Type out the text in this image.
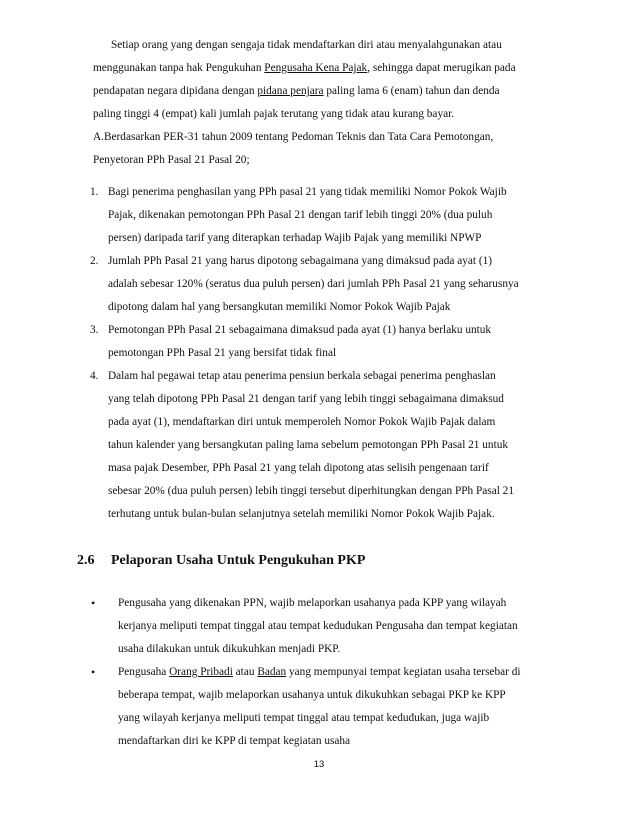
Setiap orang yang dengan sengaja tidak mendaftarkan diri atau menyalahgunakan atau
menggunakan tanpa hak Pengukuhan Pengusaha Kena Pajak, sehingga dapat merugikan pada
pendapatan negara dipidana dengan pidana penjara paling lama 6 (enam) tahun dan denda
paling tinggi 4 (empat) kali jumlah pajak terutang yang tidak atau kurang bayar.
A.Berdasarkan PER-31 tahun 2009 tentang Pedoman Teknis dan Tata Cara Pemotongan,
Penyetoran PPh Pasal 21 Pasal 20;
1. Bagi penerima penghasilan yang PPh pasal 21 yang tidak memiliki Nomor Pokok Wajib
Pajak, dikenakan pemotongan PPh Pasal 21 dengan tarif lebih tinggi 20% (dua puluh
persen) daripada tarif yang diterapkan terhadap Wajib Pajak yang memiliki NPWP
2. Jumlah PPh Pasal 21 yang harus dipotong sebagaimana yang dimaksud pada ayat (1)
adalah sebesar 120% (seratus dua puluh persen) dari jumlah PPh Pasal 21 yang seharusnya
dipotong dalam hal yang bersangkutan memiliki Nomor Pokok Wajib Pajak
3. Pemotongan PPh Pasal 21 sebagaimana dimaksud pada ayat (1) hanya berlaku untuk
pemotongan PPh Pasal 21 yang bersifat tidak final
4. Dalam hal pegawai tetap atau penerima pensiun berkala sebagai penerima penghaslan
yang telah dipotong PPh Pasal 21 dengan tarif yang lebih tinggi sebagaimana dimaksud
pada ayat (1), mendaftarkan diri untuk memperoleh Nomor Pokok Wajib Pajak dalam
tahun kalender yang bersangkutan paling lama sebelum pemotongan PPh Pasal 21 untuk
masa pajak Desember, PPh Pasal 21 yang telah dipotong atas selisih pengenaan tarif
sebesar 20% (dua puluh persen) lebih tinggi tersebut diperhitungkan dengan PPh Pasal 21
terhutang untuk bulan-bulan selanjutnya setelah memiliki Nomor Pokok Wajib Pajak.
2.6 Pelaporan Usaha Untuk Pengukuhan PKP
• Pengusaha yang dikenakan PPN, wajib melaporkan usahanya pada KPP yang wilayah
kerjanya meliputi tempat tinggal atau tempat kedudukan Pengusaha dan tempat kegiatan
usaha dilakukan untuk dikukuhkan menjadi PKP.
• Pengusaha Orang Pribadi atau Badan yang mempunyai tempat kegiatan usaha tersebar di
beberapa tempat, wajib melaporkan usahanya untuk dikukuhkan sebagai PKP ke KPP
yang wilayah kerjanya meliputi tempat tinggal atau tempat kedudukan, juga wajib
mendaftarkan diri ke KPP di tempat kegiatan usaha
13
